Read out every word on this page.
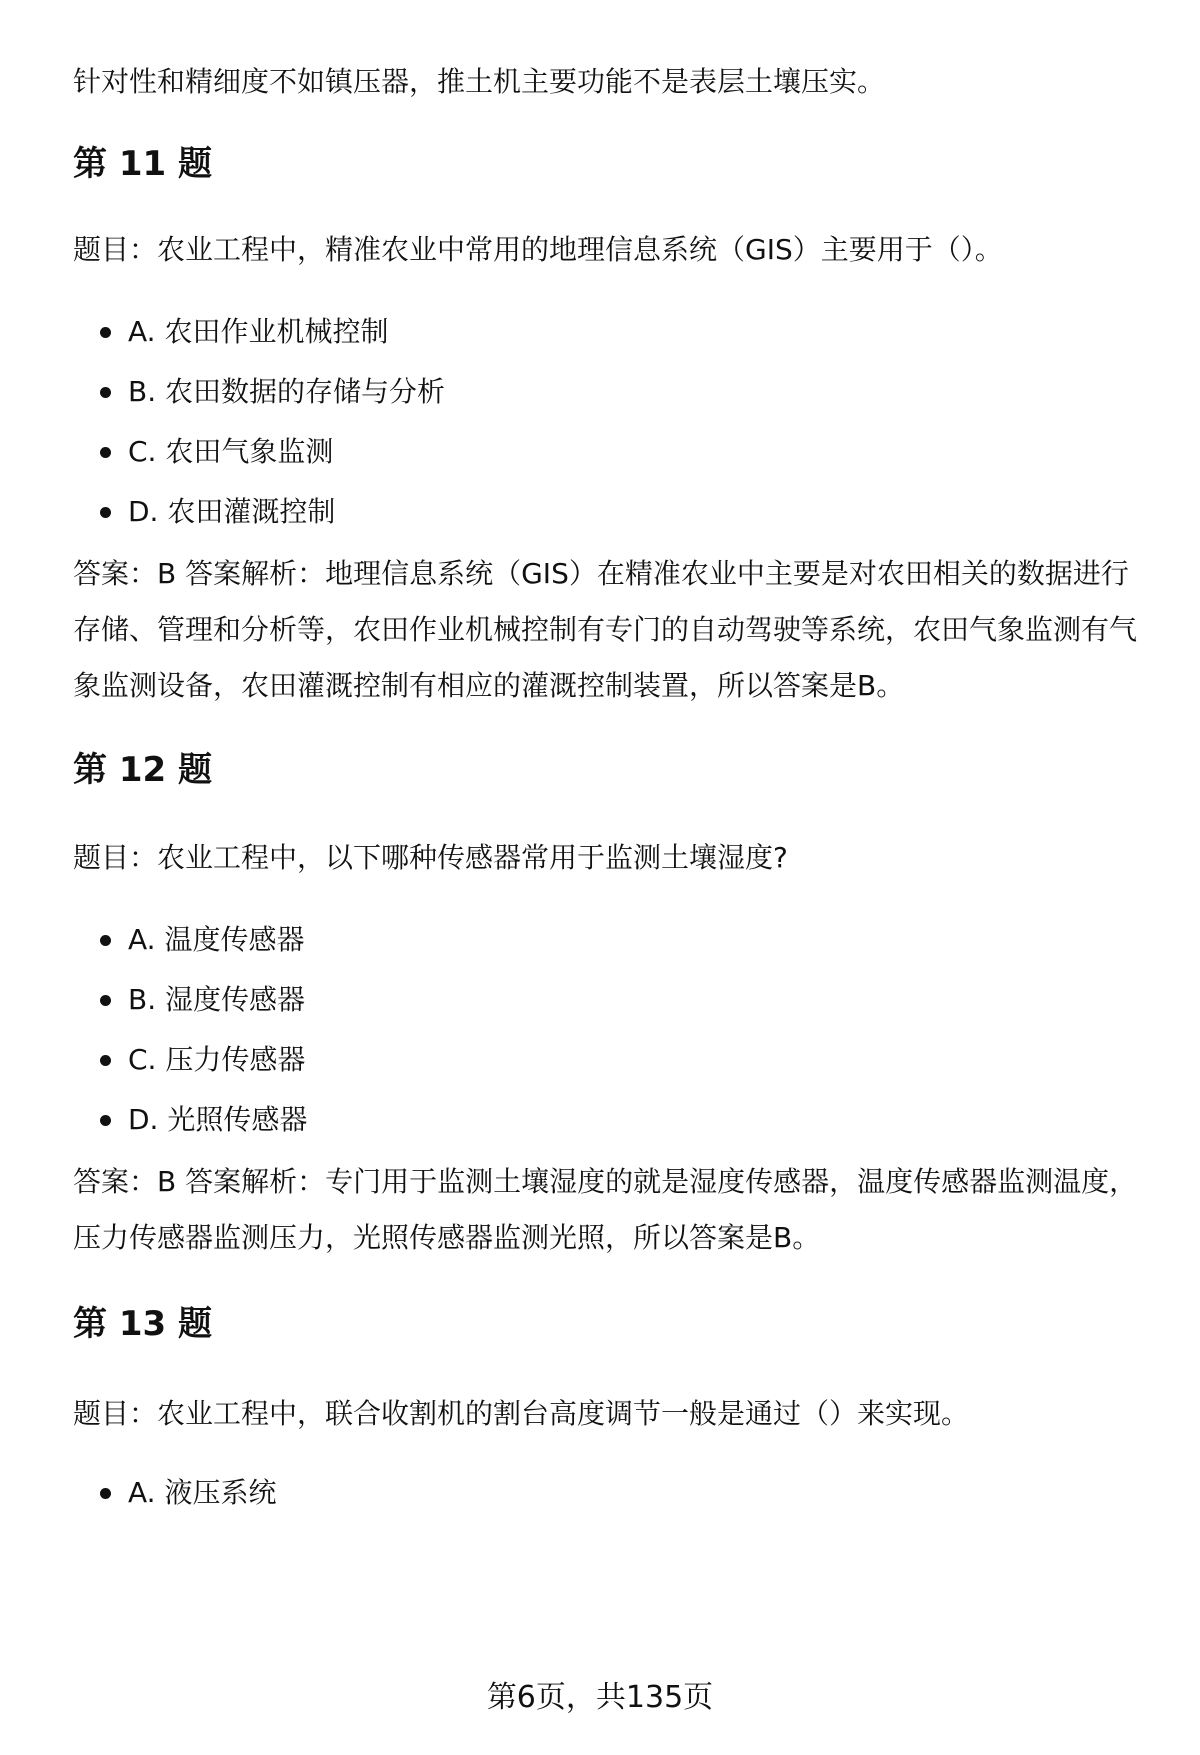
针对性和精细度不如镇压器，推土机主要功能不是表层土壤压实。

第 11 题

题目：农业工程中，精准农业中常用的地理信息系统（GIS）主要用于（）。

A. 农田作业机械控制
B. 农田数据的存储与分析
C. 农田气象监测
D. 农田灌溉控制

答案：B 答案解析：地理信息系统（GIS）在精准农业中主要是对农田相关的数据进行存储、管理和分析等，农田作业机械控制有专门的自动驾驶等系统，农田气象监测有气象监测设备，农田灌溉控制有相应的灌溉控制装置，所以答案是B。

第 12 题

题目：农业工程中，以下哪种传感器常用于监测土壤湿度?

A. 温度传感器
B. 湿度传感器
C. 压力传感器
D. 光照传感器

答案：B 答案解析：专门用于监测土壤湿度的就是湿度传感器，温度传感器监测温度，压力传感器监测压力，光照传感器监测光照，所以答案是B。

第 13 题

题目：农业工程中，联合收割机的割台高度调节一般是通过（）来实现。

A. 液压系统
第6页，共135页
